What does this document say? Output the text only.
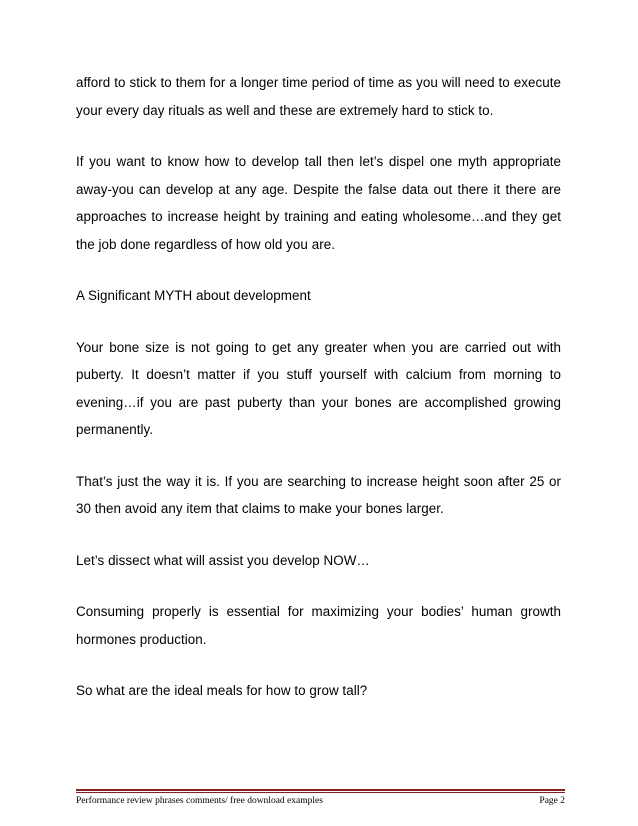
afford to stick to them for a longer time period of time as you will need to execute your every day rituals as well and these are extremely hard to stick to.

If you want to know how to develop tall then let’s dispel one myth appropriate away-you can develop at any age. Despite the false data out there it there are approaches to increase height by training and eating wholesome…and they get the job done regardless of how old you are.

A Significant MYTH about development

Your bone size is not going to get any greater when you are carried out with puberty. It doesn’t matter if you stuff yourself with calcium from morning to evening…if you are past puberty than your bones are accomplished growing permanently.

That’s just the way it is. If you are searching to increase height soon after 25 or 30 then avoid any item that claims to make your bones larger.

Let’s dissect what will assist you develop NOW…

Consuming properly is essential for maximizing your bodies’ human growth hormones production.

So what are the ideal meals for how to grow tall?

Performance review phrases comments/ free download examples	Page 2
